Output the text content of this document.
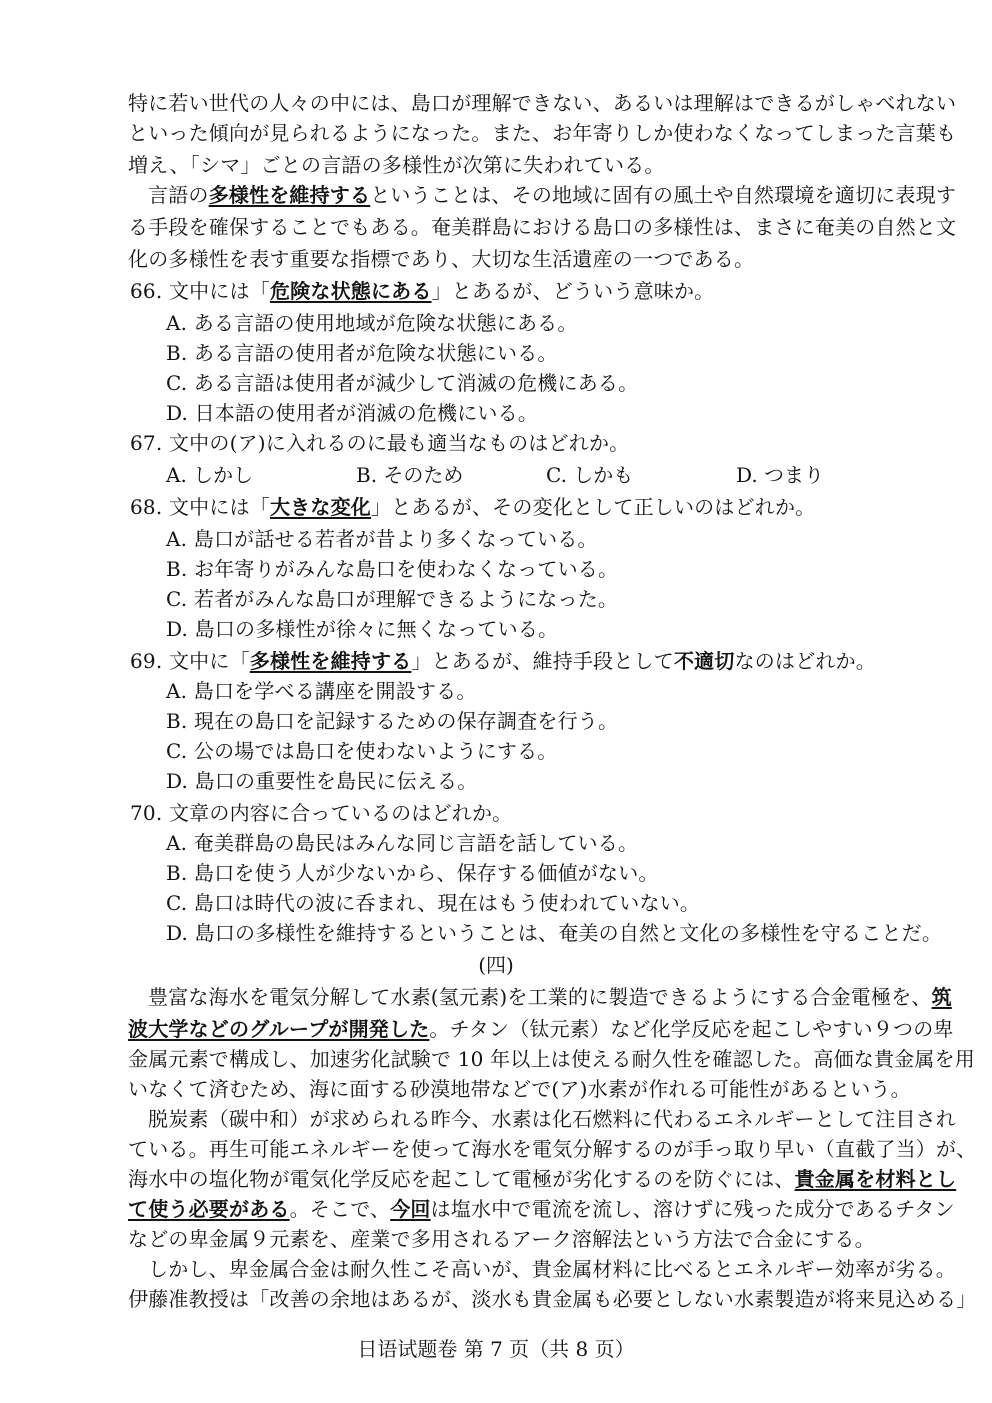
特に若い世代の人々の中には、島口が理解できない、あるいは理解はできるがしゃべれない
といった傾向が見られるようになった。また、お年寄りしか使わなくなってしまった言葉も
増え、「シマ」ごとの言語の多様性が次第に失われている。
言語の多様性を維持するということは、その地域に固有の風土や自然環境を適切に表現す
る手段を確保することでもある。奄美群島における島口の多様性は、まさに奄美の自然と文
化の多様性を表す重要な指標であり、大切な生活遺産の一つである。
66. 文中には「危険な状態にある」とあるが、どういう意味か。
A. ある言語の使用地域が危険な状態にある。
B. ある言語の使用者が危険な状態にいる。
C. ある言語は使用者が減少して消滅の危機にある。
D. 日本語の使用者が消滅の危機にいる。
67. 文中の(ア)に入れるのに最も適当なものはどれか。
A. しかし	B. そのため	C. しかも	D. つまり
68. 文中には「大きな変化」とあるが、その変化として正しいのはどれか。
A. 島口が話せる若者が昔より多くなっている。
B. お年寄りがみんな島口を使わなくなっている。
C. 若者がみんな島口が理解できるようになった。
D. 島口の多様性が徐々に無くなっている。
69. 文中に「多様性を維持する」とあるが、維持手段として不適切なのはどれか。
A. 島口を学べる講座を開設する。
B. 現在の島口を記録するための保存調査を行う。
C. 公の場では島口を使わないようにする。
D. 島口の重要性を島民に伝える。
70. 文章の内容に合っているのはどれか。
A. 奄美群島の島民はみんな同じ言語を話している。
B. 島口を使う人が少ないから、保存する価値がない。
C. 島口は時代の波に呑まれ、現在はもう使われていない。
D. 島口の多様性を維持するということは、奄美の自然と文化の多様性を守ることだ。
(四)
豊富な海水を電気分解して水素(氢元素)を工業的に製造できるようにする合金電極を、筑
波大学などのグループが開発した。チタン（钛元素）など化学反応を起こしやすい９つの卑
金属元素で構成し、加速劣化試験で 10 年以上は使える耐久性を確認した。高価な貴金属を用
いなくて済むため、海に面する砂漠地帯などで(ア)水素が作れる可能性があるという。
脱炭素（碳中和）が求められる昨今、水素は化石燃料に代わるエネルギーとして注目され
ている。再生可能エネルギーを使って海水を電気分解するのが手っ取り早い（直截了当）が、
海水中の塩化物が電気化学反応を起こして電極が劣化するのを防ぐには、貴金属を材料とし
て使う必要がある。そこで、今回は塩水中で電流を流し、溶けずに残った成分であるチタン
などの卑金属９元素を、産業で多用されるアーク溶解法という方法で合金にする。
しかし、卑金属合金は耐久性こそ高いが、貴金属材料に比べるとエネルギー効率が劣る。
伊藤准教授は「改善の余地はあるが、淡水も貴金属も必要としない水素製造が将来見込める」
日语试题卷 第 7 页（共 8 页）
